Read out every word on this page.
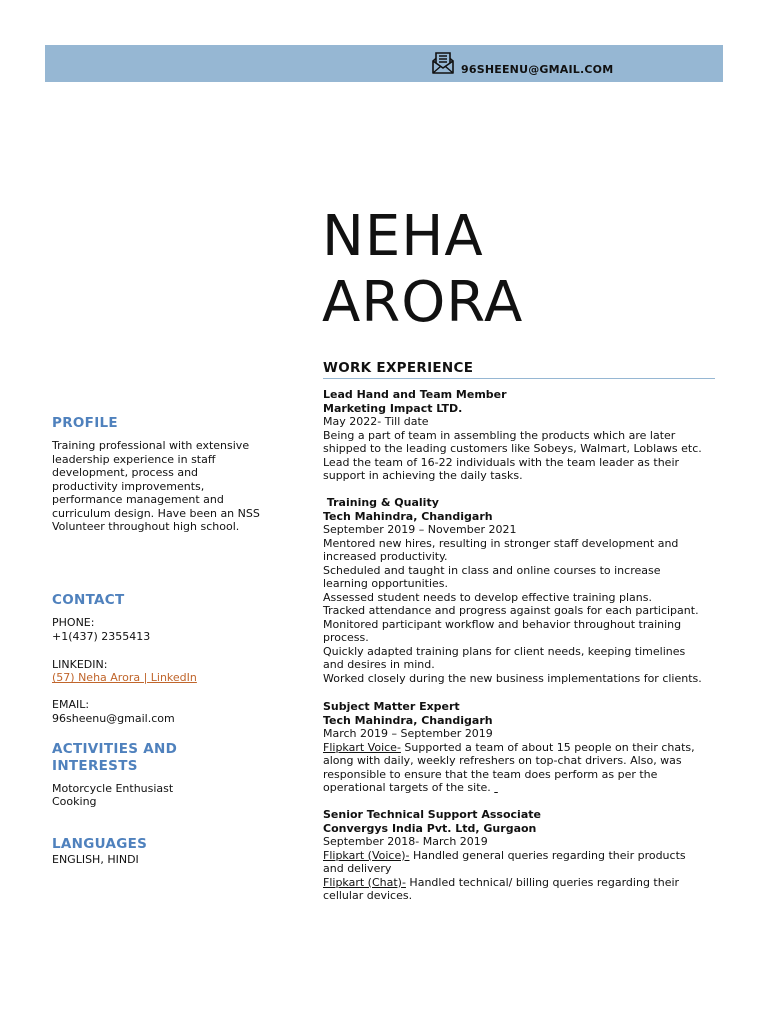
96SHEENU@GMAIL.COM
NEHA
ARORA
PROFILE
Training professional with extensive leadership experience in staff development, process and productivity improvements, performance management and curriculum design. Have been an NSS Volunteer throughout high school.
CONTACT
PHONE:
+1(437) 2355413
LINKEDIN:
(57) Neha Arora | LinkedIn
EMAIL:
96sheenu@gmail.com
ACTIVITIES AND
INTERESTS
Motorcycle Enthusiast
Cooking
LANGUAGES
ENGLISH, HINDI
WORK EXPERIENCE

Lead Hand and Team Member

Marketing Impact LTD.

May 2022- Till date

Being a part of team in assembling the products which are later

shipped to the leading customers like Sobeys, Walmart, Loblaws etc.

Lead the team of 16-22 individuals with the team leader as their

support in achieving the daily tasks.

Training & Quality

Tech Mahindra, Chandigarh

September 2019 – November 2021

Mentored new hires, resulting in stronger staff development and

increased productivity.

Scheduled and taught in class and online courses to increase

learning opportunities.

Assessed student needs to develop effective training plans.

Tracked attendance and progress against goals for each participant.

Monitored participant workflow and behavior throughout training

process.

Quickly adapted training plans for client needs, keeping timelines

and desires in mind.

Worked closely during the new business implementations for clients.

Subject Matter Expert

Tech Mahindra, Chandigarh

March 2019 – September 2019

Flipkart Voice- Supported a team of about 15 people on their chats,

along with daily, weekly refreshers on top-chat drivers. Also, was

responsible to ensure that the team does perform as per the

operational targets of the site.

Senior Technical Support Associate

Convergys India Pvt. Ltd, Gurgaon

September 2018- March 2019

Flipkart (Voice)- Handled general queries regarding their products

and delivery

Flipkart (Chat)- Handled technical/ billing queries regarding their

cellular devices.
